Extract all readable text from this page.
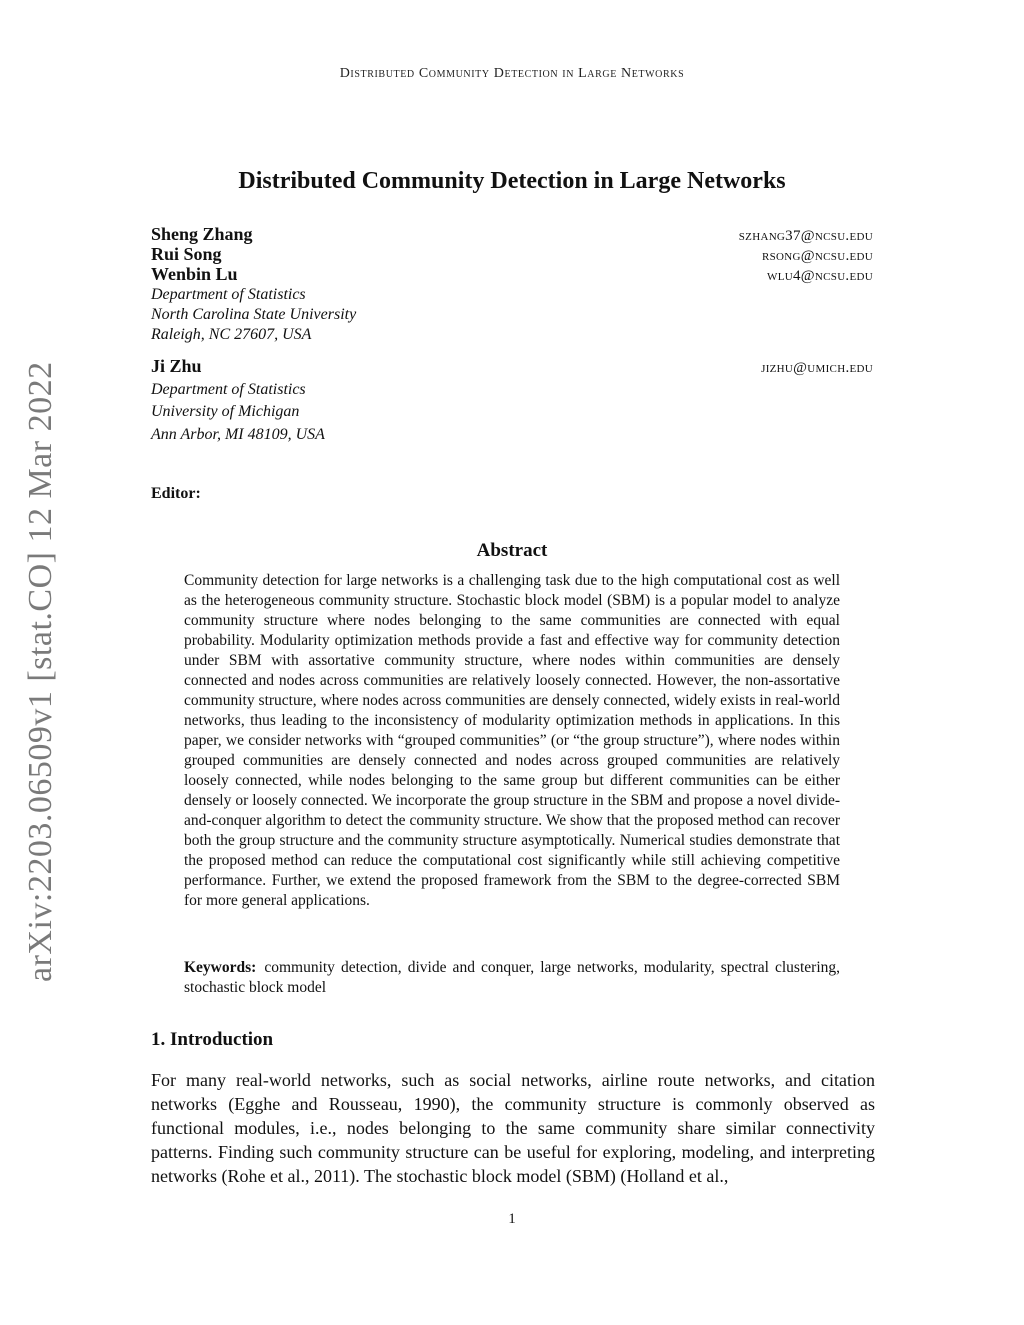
Distributed Community Detection in Large Networks
arXiv:2203.06509v1 [stat.CO] 12 Mar 2022
Distributed Community Detection in Large Networks
Sheng Zhang	szhang37@ncsu.edu
Rui Song	rsong@ncsu.edu
Wenbin Lu	wlu4@ncsu.edu
Department of Statistics
North Carolina State University
Raleigh, NC 27607, USA
Ji Zhu	jizhu@umich.edu
Department of Statistics
University of Michigan
Ann Arbor, MI 48109, USA
Editor:
Abstract
Community detection for large networks is a challenging task due to the high computational cost as well as the heterogeneous community structure. Stochastic block model (SBM) is a popular model to analyze community structure where nodes belonging to the same communities are connected with equal probability. Modularity optimization methods provide a fast and effective way for community detection under SBM with assortative community structure, where nodes within communities are densely connected and nodes across communities are relatively loosely connected. However, the non-assortative community structure, where nodes across communities are densely connected, widely exists in real-world networks, thus leading to the inconsistency of modularity optimization methods in applications. In this paper, we consider networks with “grouped communities” (or “the group structure”), where nodes within grouped communities are densely connected and nodes across grouped communities are relatively loosely connected, while nodes belonging to the same group but different communities can be either densely or loosely connected. We incorporate the group structure in the SBM and propose a novel divide-and-conquer algorithm to detect the community structure. We show that the proposed method can recover both the group structure and the community structure asymptotically. Numerical studies demonstrate that the proposed method can reduce the computational cost significantly while still achieving competitive performance. Further, we extend the proposed framework from the SBM to the degree-corrected SBM for more general applications.
Keywords: community detection, divide and conquer, large networks, modularity, spectral clustering, stochastic block model
1. Introduction
For many real-world networks, such as social networks, airline route networks, and citation networks (Egghe and Rousseau, 1990), the community structure is commonly observed as functional modules, i.e., nodes belonging to the same community share similar connectivity patterns. Finding such community structure can be useful for exploring, modeling, and interpreting networks (Rohe et al., 2011). The stochastic block model (SBM) (Holland et al.,
1
